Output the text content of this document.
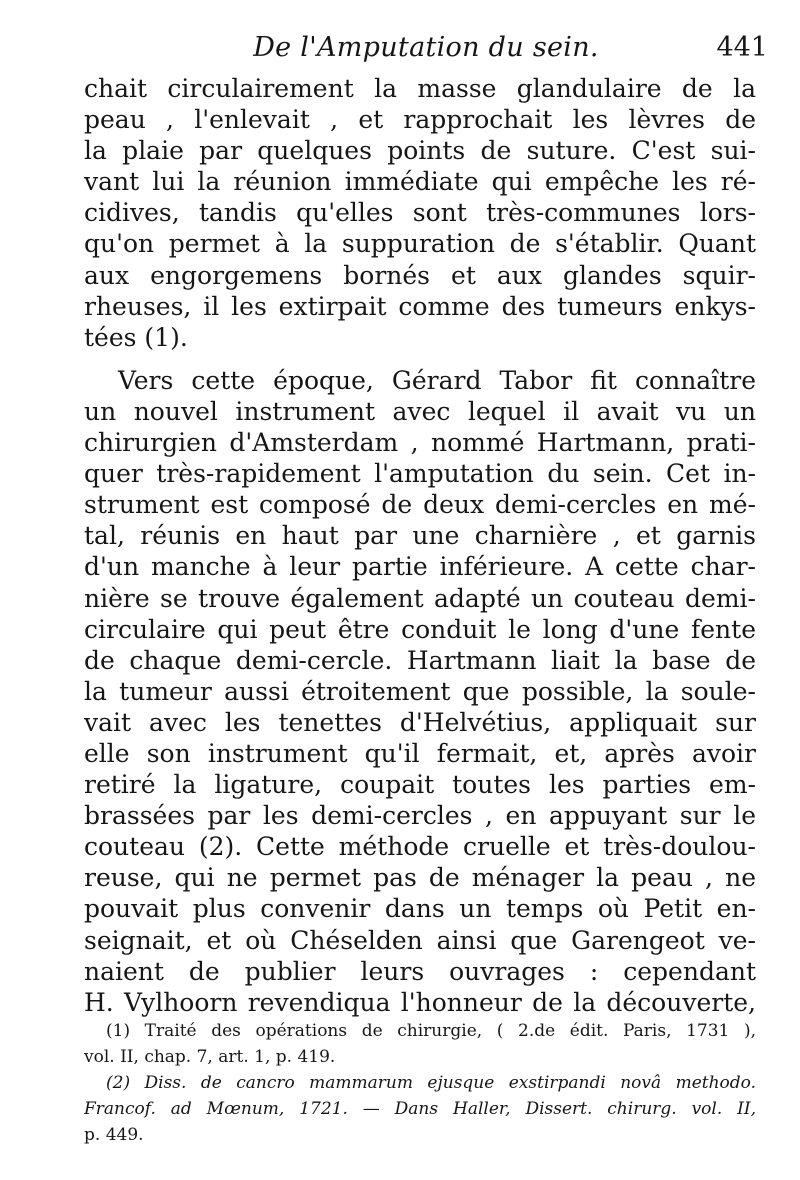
De l'Amputation du sein.	441
chait circulairement la masse glandulaire de la
peau , l'enlevait , et rapprochait les lèvres de
la plaie par quelques points de suture. C'est sui-
vant lui la réunion immédiate qui empêche les ré-
cidives, tandis qu'elles sont très-communes lors-
qu'on permet à la suppuration de s'établir. Quant
aux engorgemens bornés et aux glandes squir-
rheuses, il les extirpait comme des tumeurs enkys-
tées (1).
Vers cette époque, Gérard Tabor fit connaître
un nouvel instrument avec lequel il avait vu un
chirurgien d'Amsterdam , nommé Hartmann, prati-
quer très-rapidement l'amputation du sein. Cet in-
strument est composé de deux demi-cercles en mé-
tal, réunis en haut par une charnière , et garnis
d'un manche à leur partie inférieure. A cette char-
nière se trouve également adapté un couteau demi-
circulaire qui peut être conduit le long d'une fente
de chaque demi-cercle. Hartmann liait la base de
la tumeur aussi étroitement que possible, la soule-
vait avec les tenettes d'Helvétius, appliquait sur
elle son instrument qu'il fermait, et, après avoir
retiré la ligature, coupait toutes les parties em-
brassées par les demi-cercles , en appuyant sur le
couteau (2). Cette méthode cruelle et très-doulou-
reuse, qui ne permet pas de ménager la peau , ne
pouvait plus convenir dans un temps où Petit en-
seignait, et où Chéselden ainsi que Garengeot ve-
naient de publier leurs ouvrages : cependant
H. Vylhoorn revendiqua l'honneur de la découverte,
(1) Traité des opérations de chirurgie, ( 2.de édit. Paris, 1731 ),
vol. II, chap. 7, art. 1, p. 419.
(2) Diss. de cancro mammarum ejusque exstirpandi novâ methodo.
Francof. ad Mœnum, 1721. — Dans Haller, Dissert. chirurg. vol. II,
p. 449.
